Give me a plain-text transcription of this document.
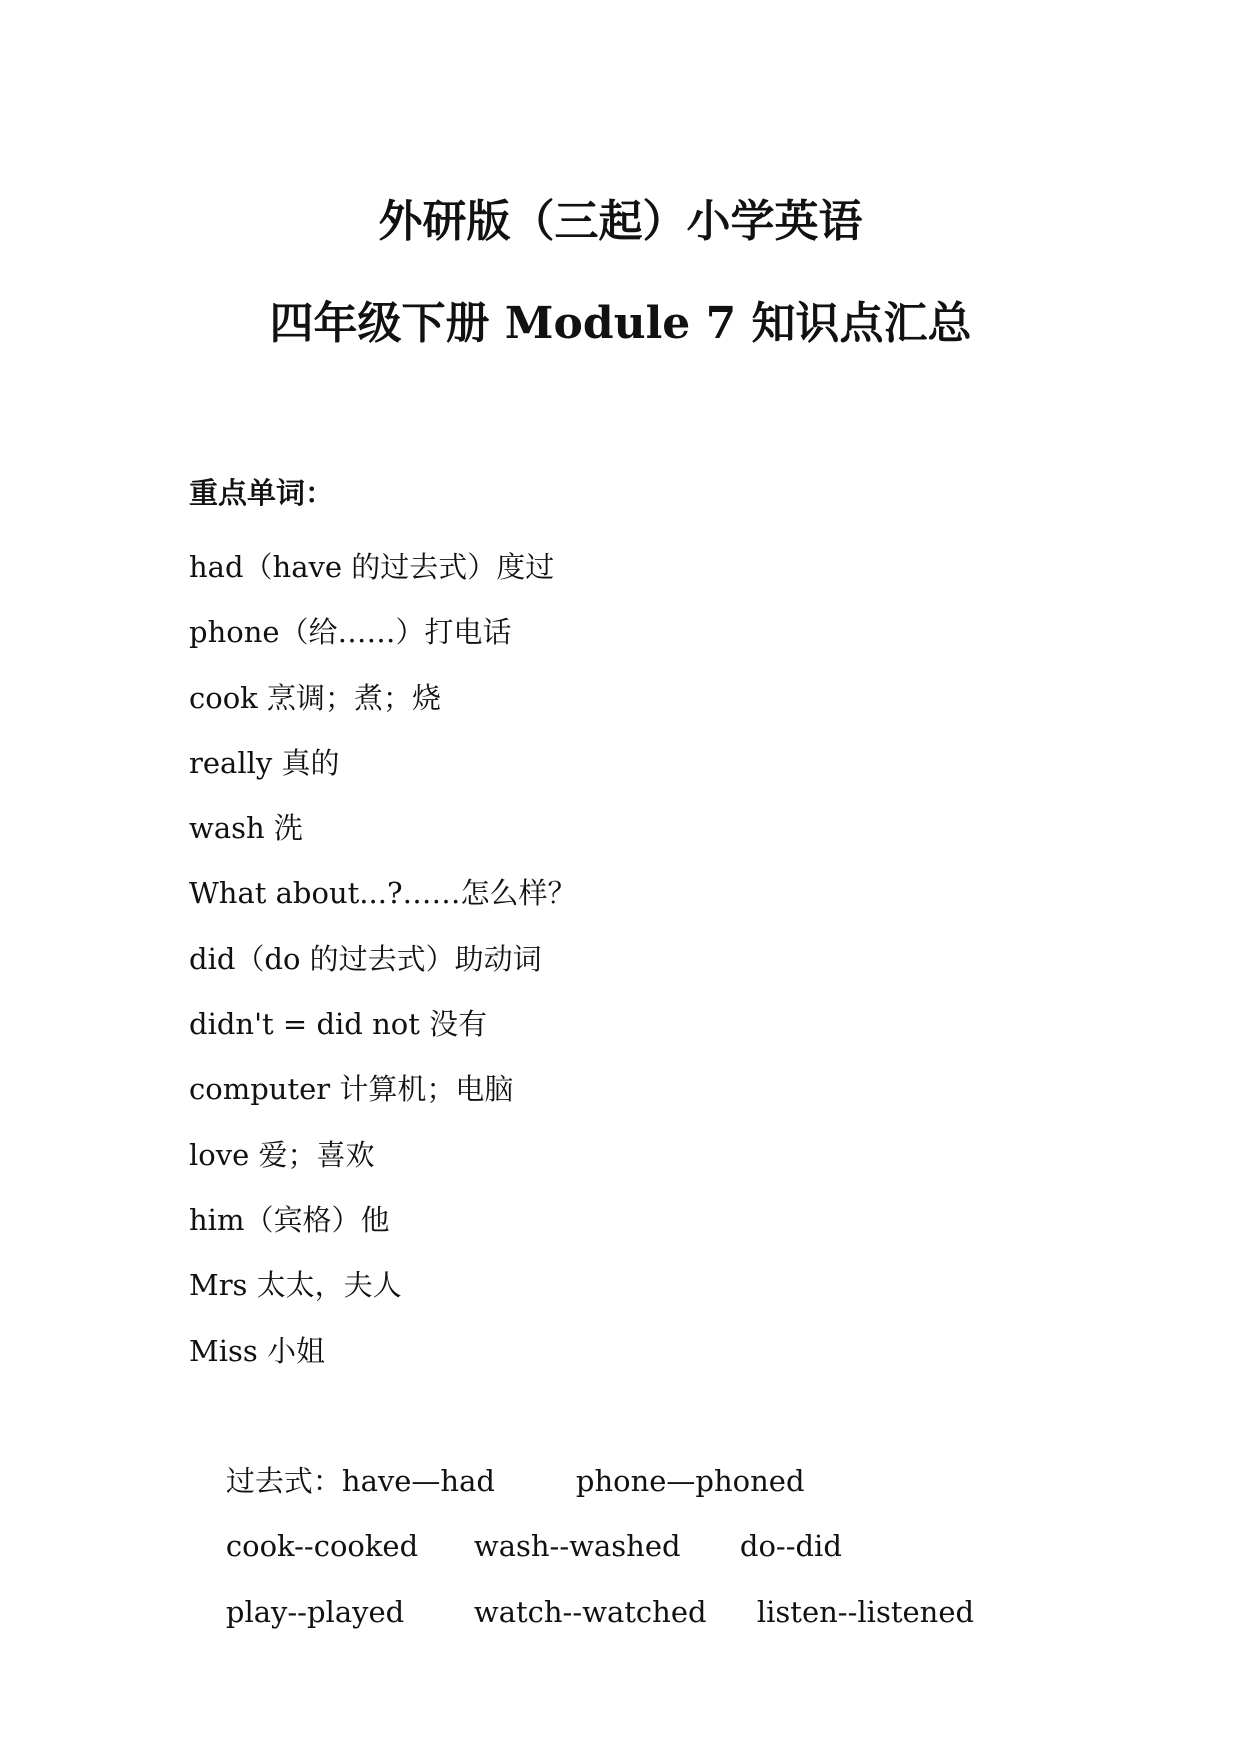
外研版（三起）小学英语
四年级下册 Module 7 知识点汇总
重点单词：
had（have 的过去式）度过
phone（给……）打电话
cook 烹调；煮；烧
really 真的
wash 洗
What about...?……怎么样？
did（do 的过去式）助动词
didn't = did not 没有
computer 计算机；电脑
love 爱；喜欢
him（宾格）他
Mrs 太太，夫人
Miss 小姐

过去式：have—had	phone—phoned

cook--cooked wash--washed do--did

play--played watch--watched listen--listened
